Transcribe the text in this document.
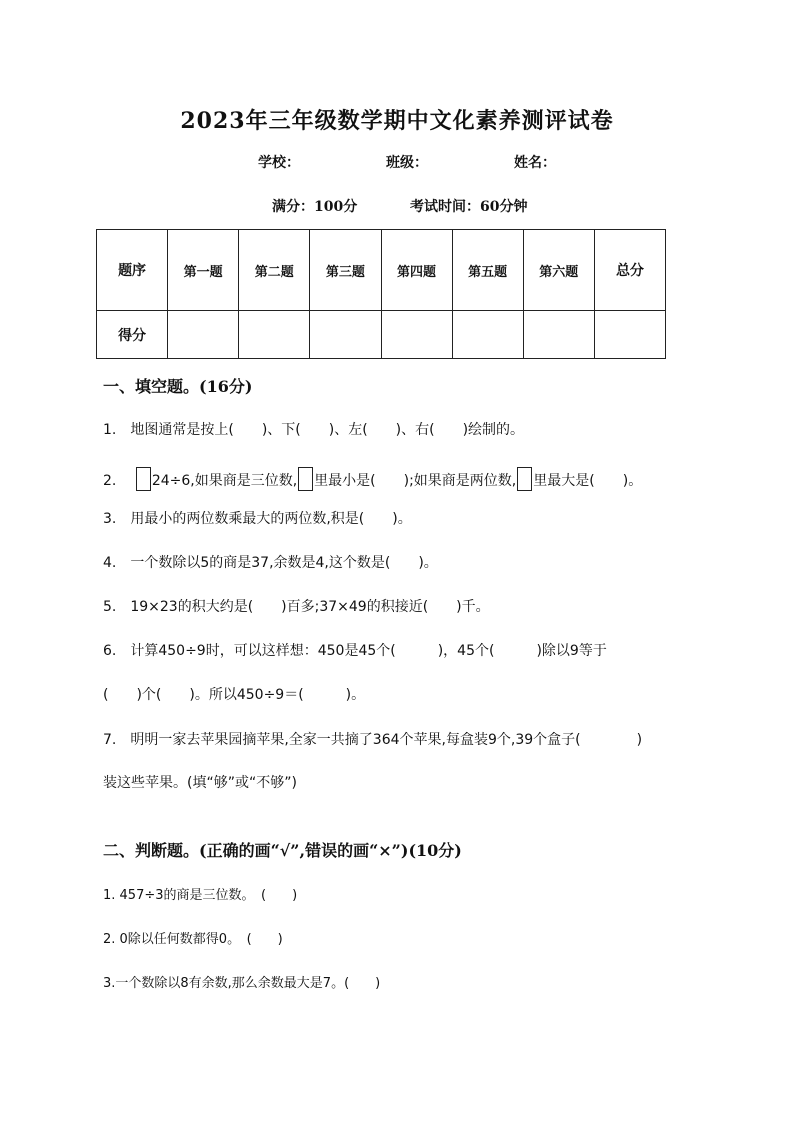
2023年三年级数学期中文化素养测评试卷
学校：	班级：	姓名：
满分：100分	考试时间：60分钟
题序	第一题	第二题	第三题	第四题	第五题	第六题	总分
得分							
一、填空题。(16分)
1.　地图通常是按上(　　)、下(　　)、左(　　)、右(　　)绘制的。
2.	24÷6,如果商是三位数, 里最小是(　　);如果商是两位数, 里最大是(　　)。
3.　用最小的两位数乘最大的两位数,积是(　　)。
4.　一个数除以5的商是37,余数是4,这个数是(　　)。
5.　19×23的积大约是(　　)百多;37×49的积接近(　　)千。
6.　计算450÷9时，可以这样想：450是45个(　　　)，45个(　　　)除以9等于
(　　)个(　　)。所以450÷9＝(　　　)。
7.　明明一家去苹果园摘苹果,全家一共摘了364个苹果,每盒装9个,39个盒子(　　　　)
装这些苹果。(填“够”或“不够”)
二、判断题。(正确的画“√”,错误的画“×”)(10分)
1. 457÷3的商是三位数。　(　　)
2. 0除以任何数都得0。　(　　)
3.一个数除以8有余数,那么余数最大是7。(　　)
